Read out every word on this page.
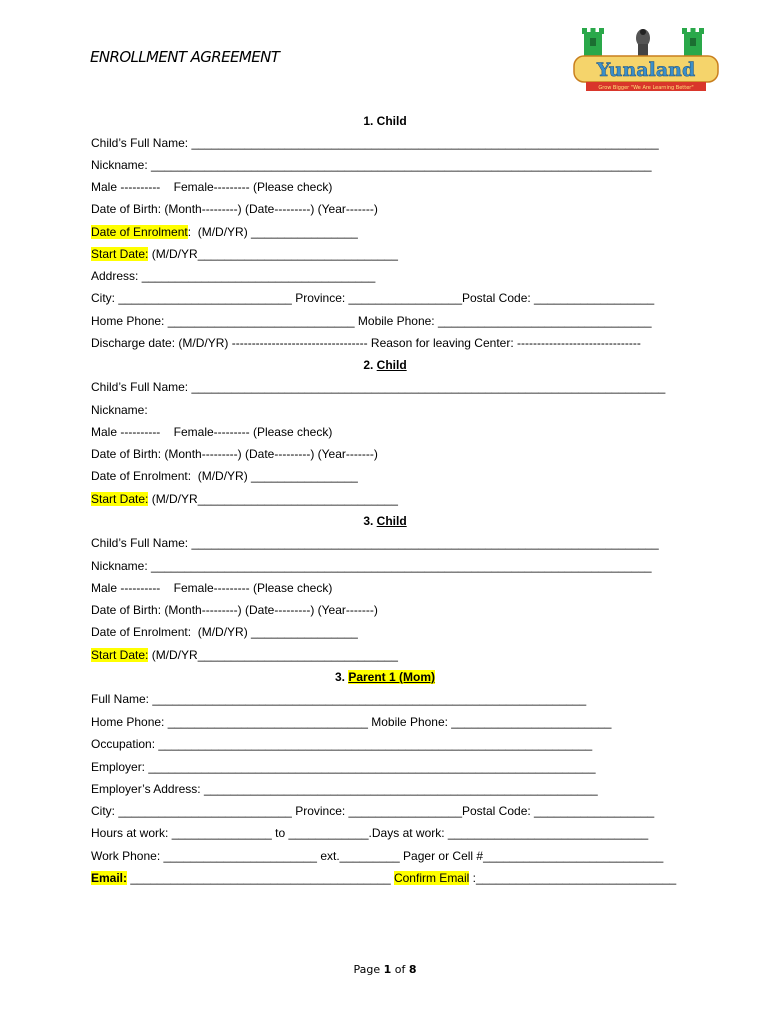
ENROLLMENT AGREEMENT
Yunaland
Grow Bigger "We Are Learning Better"
1. Child
Child’s Full Name: ______________________________________________________________________
Nickname: ___________________________________________________________________________
Male ----------    Female--------- (Please check)
Date of Birth: (Month---------) (Date---------) (Year-------)
Date of Enrolment:  (M/D/YR) ________________
Start Date: (M/D/YR______________________________
Address: ___________________________________
City: __________________________ Province: _________________Postal Code: __________________
Home Phone: ____________________________ Mobile Phone: ________________________________
Discharge date: (M/D/YR) ---------------------------------- Reason for leaving Center: -------------------------------
2. Child
Child’s Full Name: _______________________________________________________________________
Nickname:
Male ----------    Female--------- (Please check)
Date of Birth: (Month---------) (Date---------) (Year-------)
Date of Enrolment:  (M/D/YR) ________________
Start Date: (M/D/YR______________________________
3. Child
Child’s Full Name: ______________________________________________________________________
Nickname: ___________________________________________________________________________
Male ----------    Female--------- (Please check)
Date of Birth: (Month---------) (Date---------) (Year-------)
Date of Enrolment:  (M/D/YR) ________________
Start Date: (M/D/YR______________________________
3. Parent 1 (Mom)
Full Name: _________________________________________________________________
Home Phone: ______________________________ Mobile Phone: ________________________
Occupation: _________________________________________________________________
Employer: ___________________________________________________________________
Employer’s Address: ___________________________________________________________
City: __________________________ Province: _________________Postal Code: __________________
Hours at work: _______________ to ____________.Days at work: ______________________________
Work Phone: _______________________ ext._________ Pager or Cell #___________________________
Email: _______________________________________ Confirm Email :______________________________
Page 1 of 8
